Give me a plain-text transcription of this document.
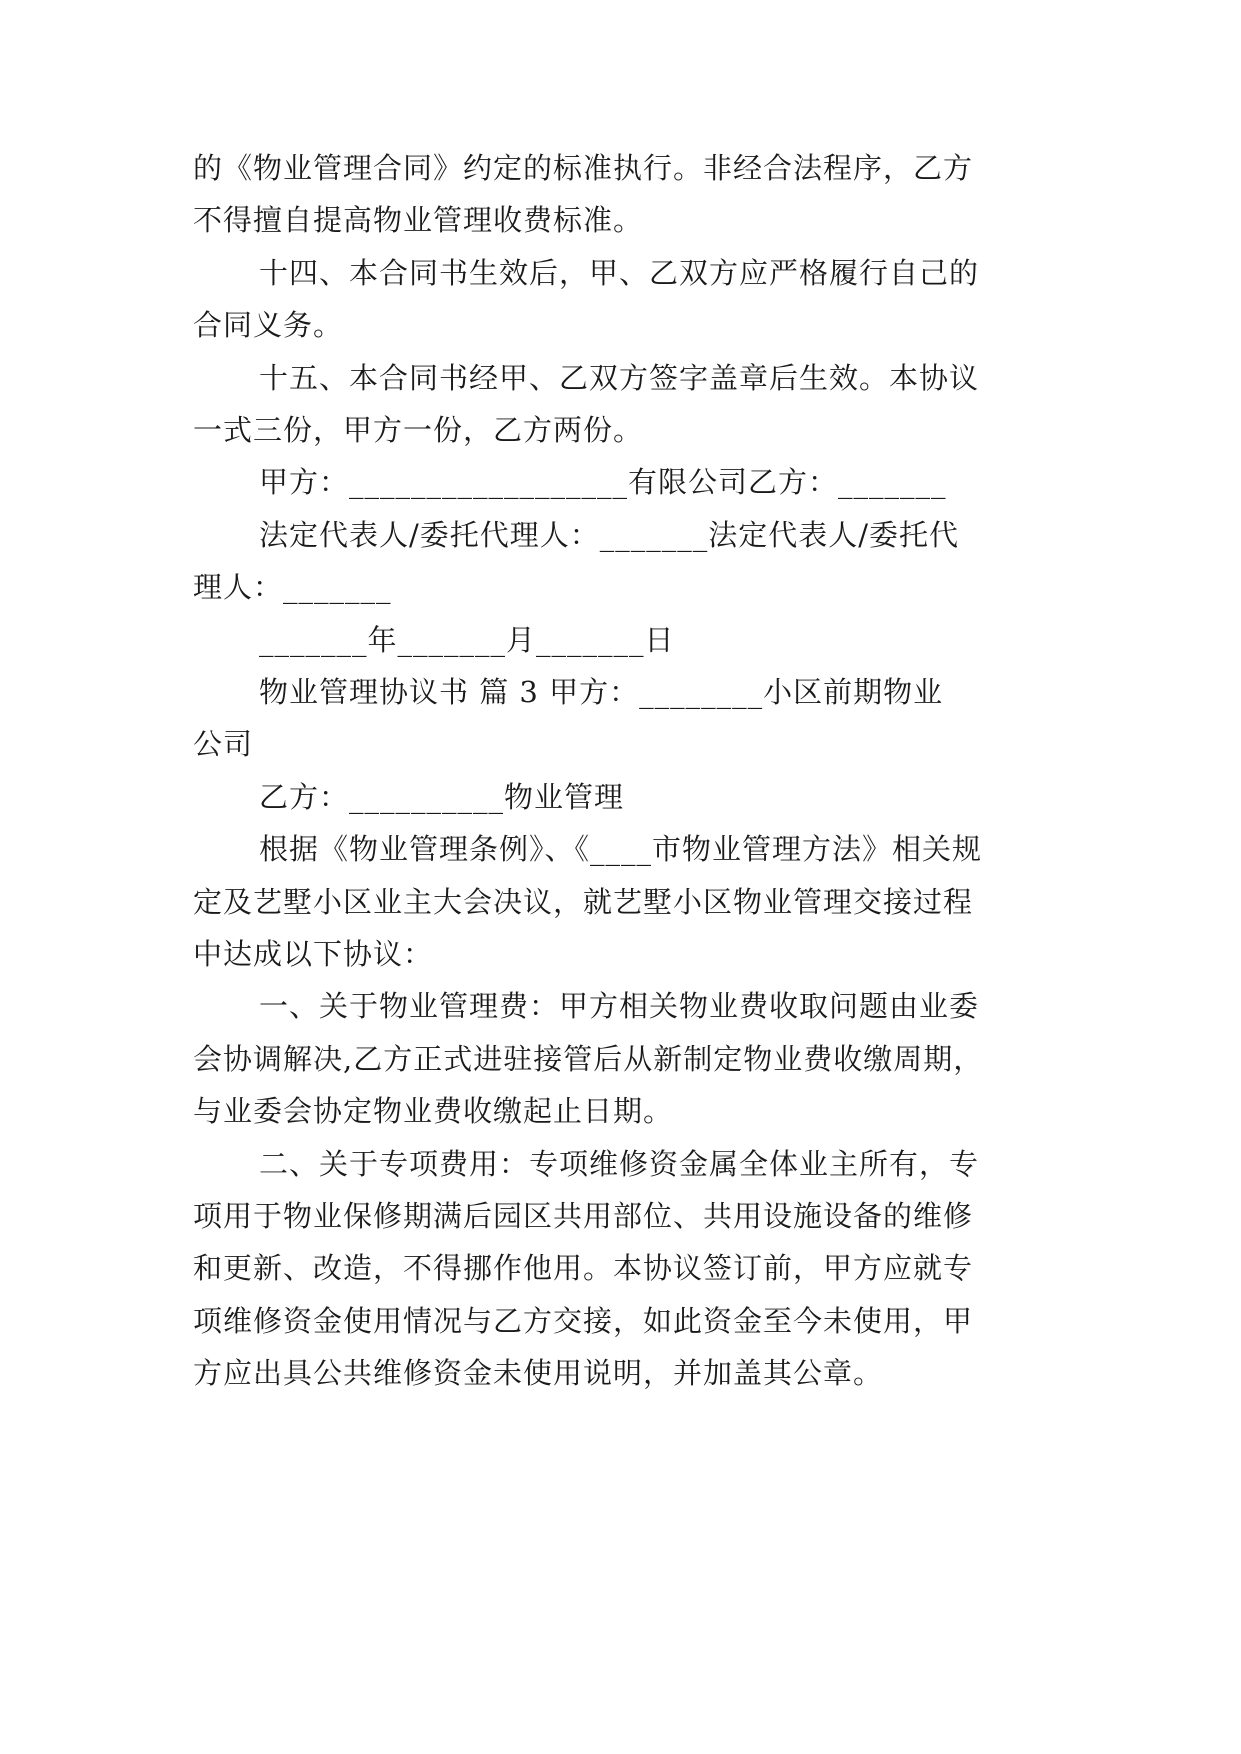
的《物业管理合同》约定的标准执行。非经合法程序，乙方
不得擅自提高物业管理收费标准。
十四、本合同书生效后，甲、乙双方应严格履行自己的
合同义务。
十五、本合同书经甲、乙双方签字盖章后生效。本协议
一式三份，甲方一份，乙方两份。
甲方：__________________有限公司乙方：_______
法定代表人/委托代理人：_______法定代表人/委托代
理人：_______
_______年_______月_______日
物业管理协议书 篇 3 甲方：________小区前期物业
公司
乙方：__________物业管理
根据《物业管理条例》、《____市物业管理方法》相关规
定及艺墅小区业主大会决议，就艺墅小区物业管理交接过程
中达成以下协议：
一、关于物业管理费：甲方相关物业费收取问题由业委
会协调解决,乙方正式进驻接管后从新制定物业费收缴周期，
与业委会协定物业费收缴起止日期。
二、关于专项费用：专项维修资金属全体业主所有，专
项用于物业保修期满后园区共用部位、共用设施设备的维修
和更新、改造，不得挪作他用。本协议签订前，甲方应就专
项维修资金使用情况与乙方交接，如此资金至今未使用，甲
方应出具公共维修资金未使用说明，并加盖其公章。
